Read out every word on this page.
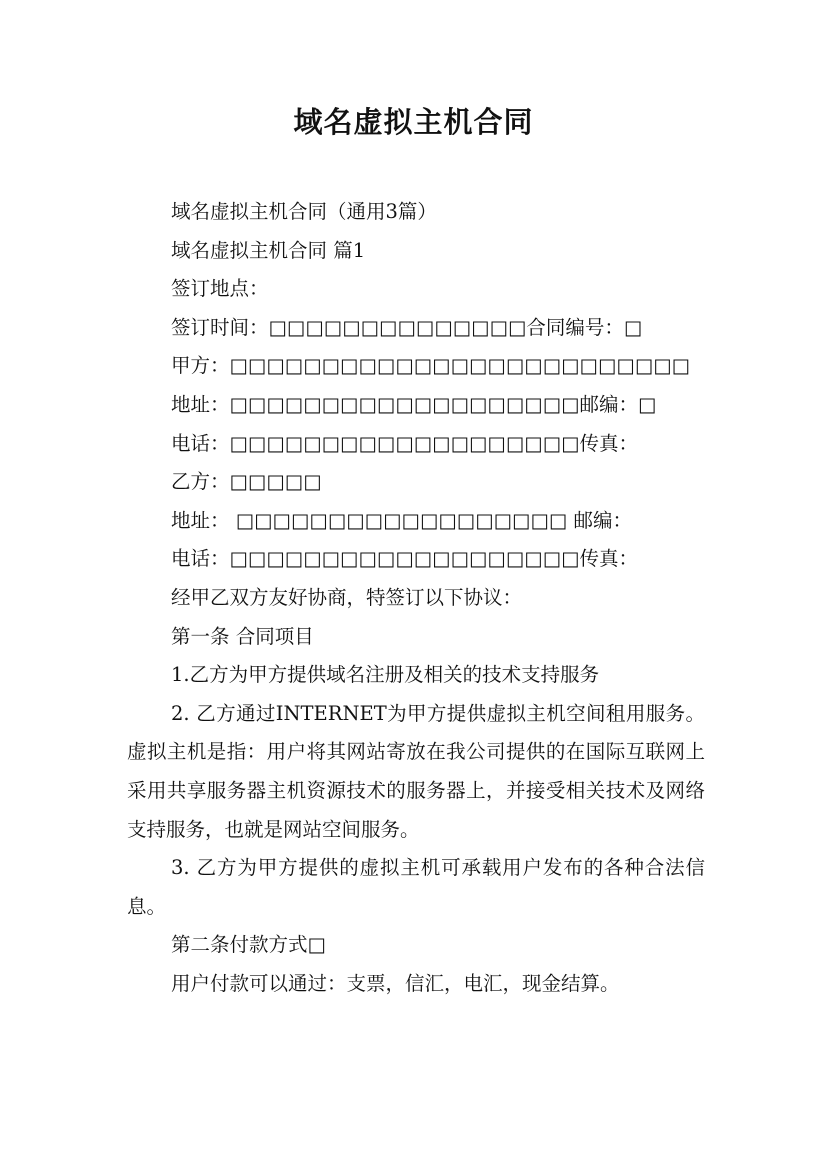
域名虚拟主机合同

域名虚拟主机合同（通用3篇）

域名虚拟主机合同 篇1

签订地点：

签订时间：□□□□□□□□□□□□□□合同编号：□

甲方：□□□□□□□□□□□□□□□□□□□□□□□□□

地址：□□□□□□□□□□□□□□□□□□□邮编：□

电话：□□□□□□□□□□□□□□□□□□□传真：

乙方：□□□□□

地址： □□□□□□□□□□□□□□□□□□ 邮编：

电话：□□□□□□□□□□□□□□□□□□□传真：

经甲乙双方友好协商，特签订以下协议：

第一条 合同项目

1.乙方为甲方提供域名注册及相关的技术支持服务

2. 乙方通过INTERNET为甲方提供虚拟主机空间租用服务。虚拟主机是指：用户将其网站寄放在我公司提供的在国际互联网上采用共享服务器主机资源技术的服务器上，并接受相关技术及网络支持服务，也就是网站空间服务。

3. 乙方为甲方提供的虚拟主机可承载用户发布的各种合法信息。

第二条付款方式□

用户付款可以通过：支票，信汇，电汇，现金结算。
